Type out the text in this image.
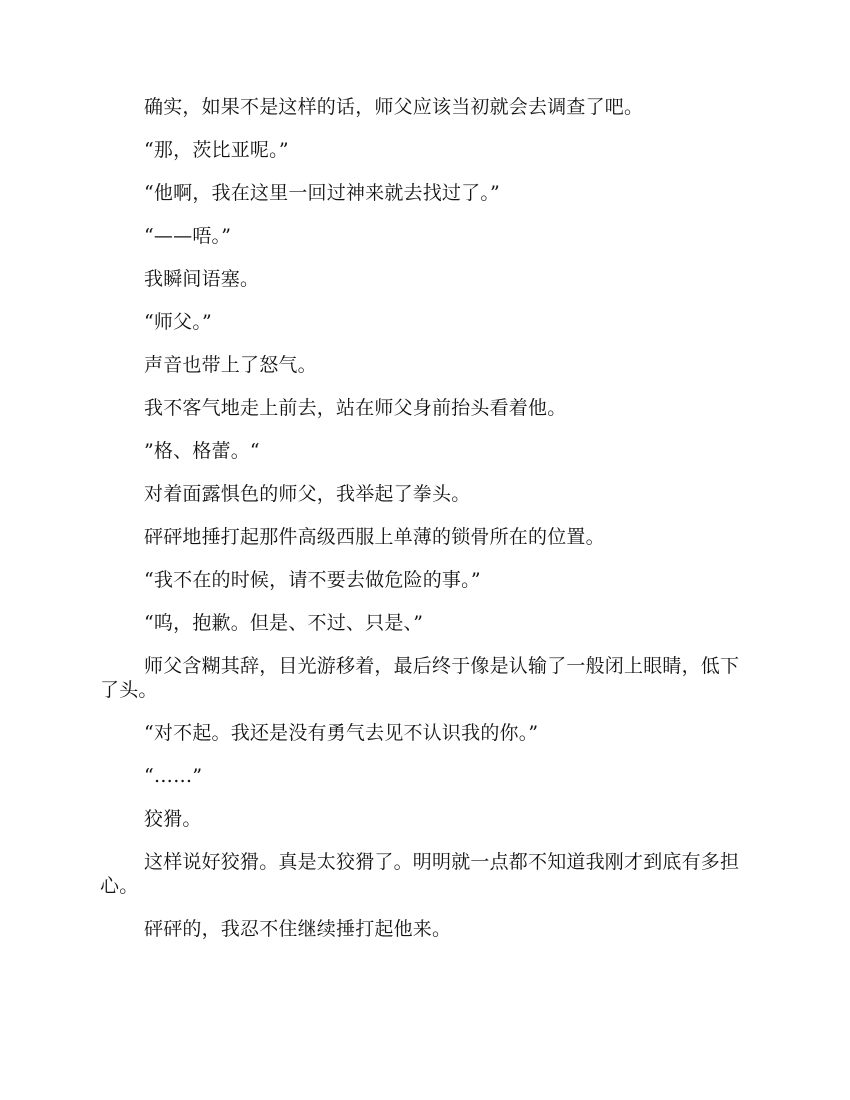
确实，如果不是这样的话，师父应该当初就会去调查了吧。

“那，茨比亚呢。”

“他啊，我在这里一回过神来就去找过了。”

“——唔。”

我瞬间语塞。

“师父。”

声音也带上了怒气。

我不客气地走上前去，站在师父身前抬头看着他。

”格、格蕾。“

对着面露惧色的师父，我举起了拳头。

砰砰地捶打起那件高级西服上单薄的锁骨所在的位置。

“我不在的时候，请不要去做危险的事。”

“呜，抱歉。但是、不过、只是、”

师父含糊其辞，目光游移着，最后终于像是认输了一般闭上眼睛，低下了头。

“对不起。我还是没有勇气去见不认识我的你。”

“……”

狡猾。

这样说好狡猾。真是太狡猾了。明明就一点都不知道我刚才到底有多担心。

砰砰的，我忍不住继续捶打起他来。
